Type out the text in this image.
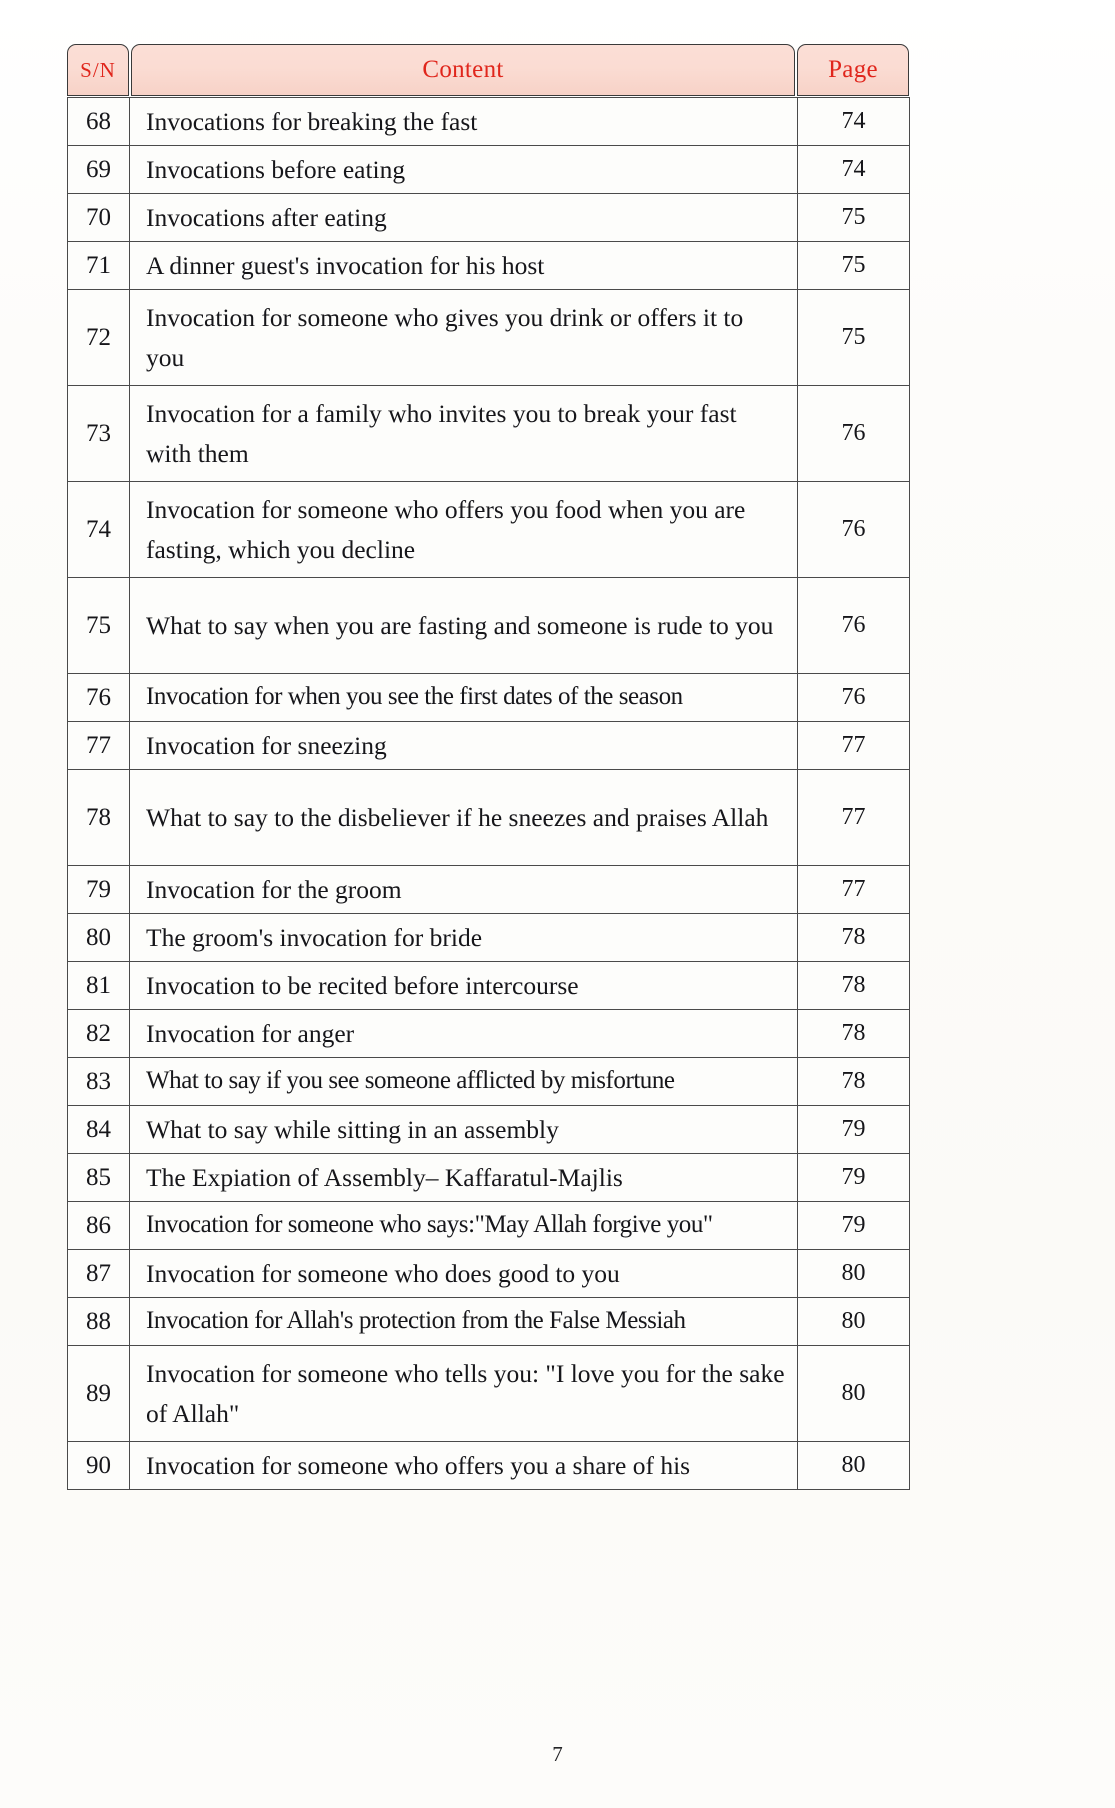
S/N	Content	Page
68	Invocations for breaking the fast	74
69	Invocations before eating	74
70	Invocations after eating	75
71	A dinner guest's invocation for his host	75
72	Invocation for someone who gives you drink or offers it to you	75
73	Invocation for a family who invites you to break your fast with them	76
74	Invocation for someone who offers you food when you are fasting, which you decline	76
75	What to say when you are fasting and someone is rude to you	76
76	Invocation for when you see the first dates of the season	76
77	Invocation for sneezing	77
78	What to say to the disbeliever if he sneezes and praises Allah	77
79	Invocation for the groom	77
80	The groom's invocation for bride	78
81	Invocation to be recited before intercourse	78
82	Invocation for anger	78
83	What to say if you see someone afflicted by misfortune	78
84	What to say while sitting in an assembly	79
85	The Expiation of Assembly– Kaffaratul-Majlis	79
86	Invocation for someone who says:"May Allah forgive you"	79
87	Invocation for someone who does good to you	80
88	Invocation for Allah's protection from the False Messiah	80
89	Invocation for someone who tells you: "I love you for the sake of Allah"	80
90	Invocation for someone who offers you a share of his	80
7
